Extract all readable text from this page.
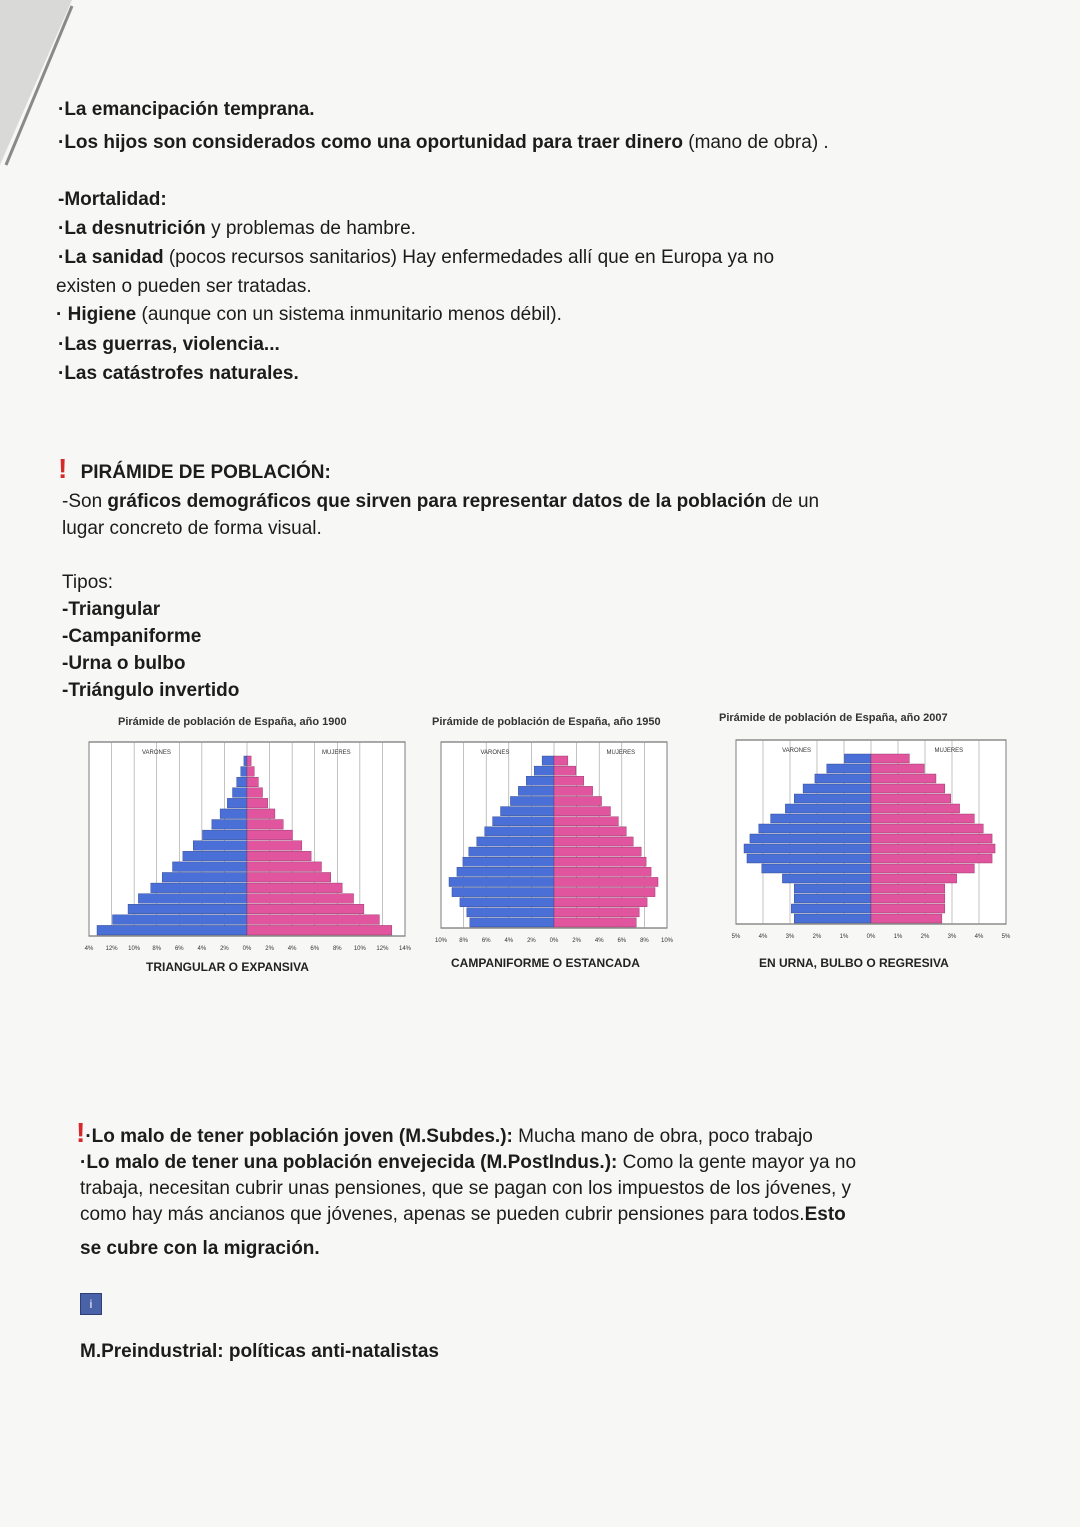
·La emancipación temprana.
·Los hijos son considerados como una oportunidad para traer dinero (mano de obra) .
-Mortalidad:
·La desnutrición y problemas de hambre.
·La sanidad (pocos recursos sanitarios) Hay enfermedades allí que en Europa ya no
existen o pueden ser tratadas.
· Higiene (aunque con un sistema inmunitario menos débil).
·Las guerras, violencia...
·Las catástrofes naturales.
! PIRÁMIDE DE POBLACIÓN:
-Son gráficos demográficos que sirven para representar datos de la población de un
lugar concreto de forma visual.
Tipos:
-Triangular
-Campaniforme
-Urna o bulbo
-Triángulo invertido
Pirámide de población de España, año 1900
4% 12% 10% 8% 6% 4% 2% 0% 2% 4% 6% 8% 10% 12% 14%
VARONES	MUJERES
TRIANGULAR O EXPANSIVA
Pirámide de población de España, año 1950
10% 8% 6% 4% 2% 0% 2% 4% 6% 8% 10%
VARONES	MUJERES
CAMPANIFORME O ESTANCADA
Pirámide de población de España, año 2007
5%	4%	3%	2%	1%	0%	1%	2%	3%	4%	5%
VARONES	MUJERES
EN URNA, BULBO O REGRESIVA
!·Lo malo de tener población joven (M.Subdes.): Mucha mano de obra, poco trabajo
·Lo malo de tener una población envejecida (M.PostIndus.): Como la gente mayor ya no
trabaja, necesitan cubrir unas pensiones, que se pagan con los impuestos de los jóvenes, y
como hay más ancianos que jóvenes, apenas se pueden cubrir pensiones para todos.Esto
se cubre con la migración.
i
M.Preindustrial: políticas anti-natalistas
